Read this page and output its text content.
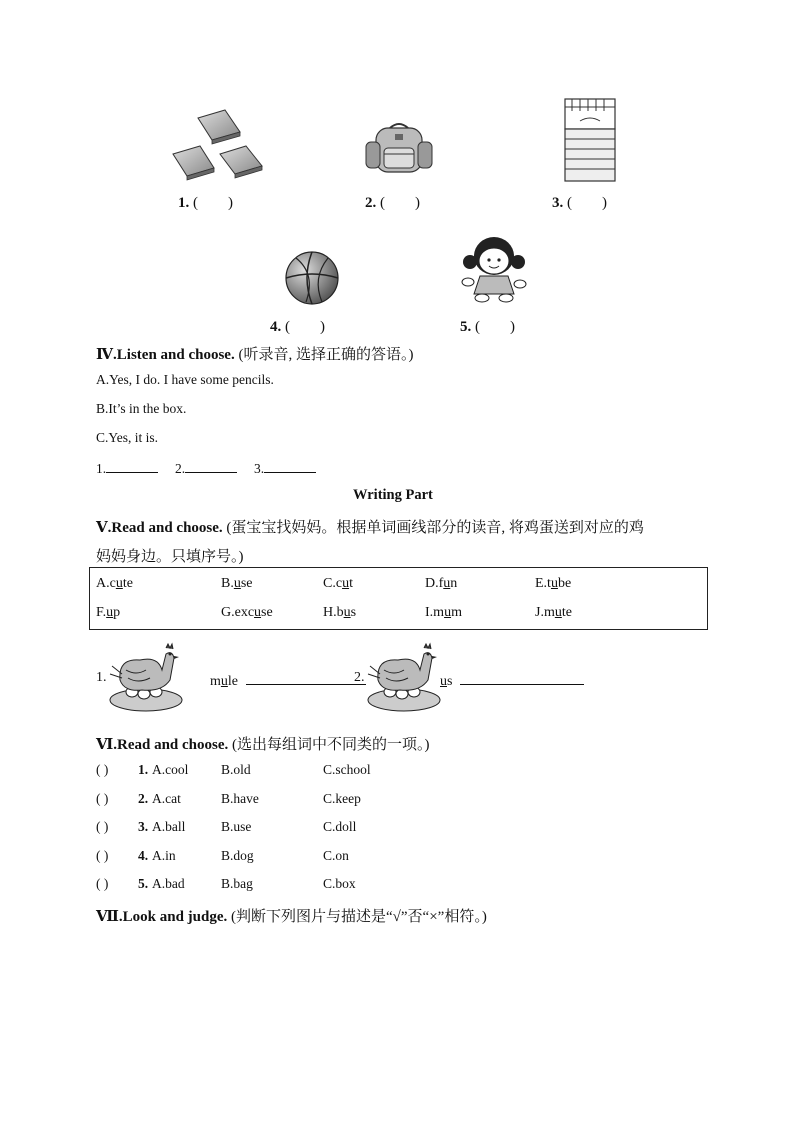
1. (        )	2. (        )	3. (        )
4. (        )	5. (        )
Ⅳ.Listen and choose. (听录音, 选择正确的答语。)
A.Yes, I do. I have some pencils.
B.It’s in the box.
C.Yes, it is.
1.	2.	3.
Writing Part
Ⅴ.Read and choose. (蛋宝宝找妈妈。根据单词画线部分的读音, 将鸡蛋送到对应的鸡
妈妈身边。只填序号。)
A.cute	B.use	C.cut	D.fun	E.tube
F.up	G.excuse	H.bus	I.mum	J.mute
1.	mule	2.	us
Ⅵ.Read and choose. (选出每组词中不同类的一项。)
( ) 1. A.cool B.old	C.school
( ) 2. A.cat	B.have	C.keep
( ) 3. A.ball	B.use	C.doll
( ) 4. A.in	B.dog	C.on
( ) 5. A.bad	B.bag	C.box
Ⅶ.Look and judge. (判断下列图片与描述是“√”否“×”相符。)
